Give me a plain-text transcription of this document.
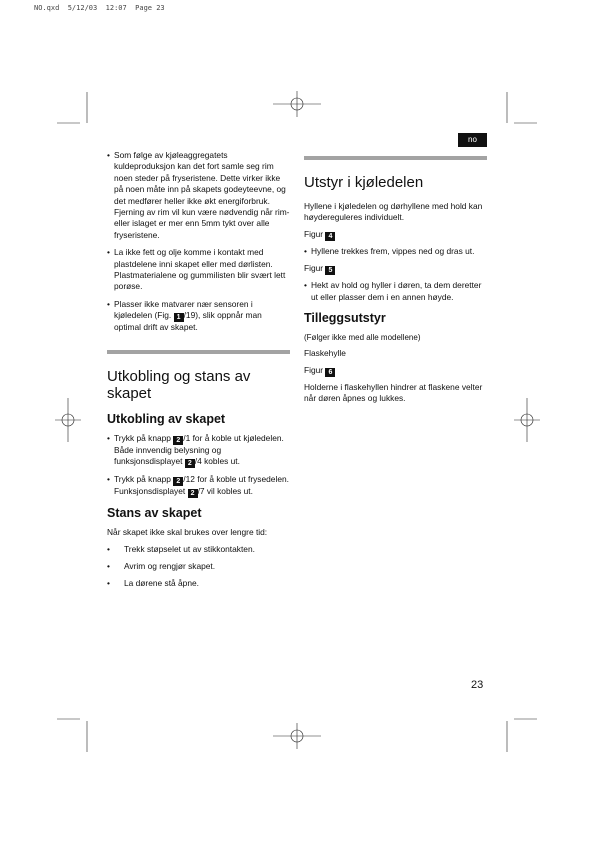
NO.qxd  5/12/03  12:07  Page 23
no
• Som følge av kjøleaggregatets kuldeproduksjon kan det fort samle seg rim noen steder på fryseristene. Dette virker ikke på noen måte inn på skapets godeyteevne, og det medfører heller ikke økt energiforbruk. Fjerning av rim vil kun være nødvendig når rim- eller islaget er mer enn 5mm tykt over alle fryseristene.
• La ikke fett og olje komme i kontakt med plastdelene inni skapet eller med dørlisten. Plastmaterialene og gummilisten blir svært lett porøse.
• Plasser ikke matvarer nær sensoren i kjøledelen (Fig. 1 /19), slik oppnår man optimal drift av skapet.
Utkobling og stans av skapet
Utkobling av skapet
• Trykk på knapp 2 /1 for å koble ut kjøledelen. Både innvendig belysning og funksjonsdisplayet 2 /4 kobles ut.
• Trykk på knapp 2 /12 for å koble ut frysedelen. Funksjonsdisplayet 2 /7 vil kobles ut.
Stans av skapet

Når skapet ikke skal brukes over lengre tid:

• Trekk støpselet ut av stikkontakten.
• Avrim og rengjør skapet.
• La dørene stå åpne.
Utstyr i kjøledelen

Hyllene i kjøledelen og dørhyllene med hold kan høydereguleres individuelt.

Figur 4

• Hyllene trekkes frem, vippes ned og dras ut.

Figur 5

• Hekt av hold og hyller i døren, ta dem deretter ut eller plasser dem i en annen høyde.
Tilleggsutstyr

(Følger ikke med alle modellene)

Flaskehylle

Figur 6

Holderne i flaskehyllen hindrer at flaskene velter når døren åpnes og lukkes.

23
